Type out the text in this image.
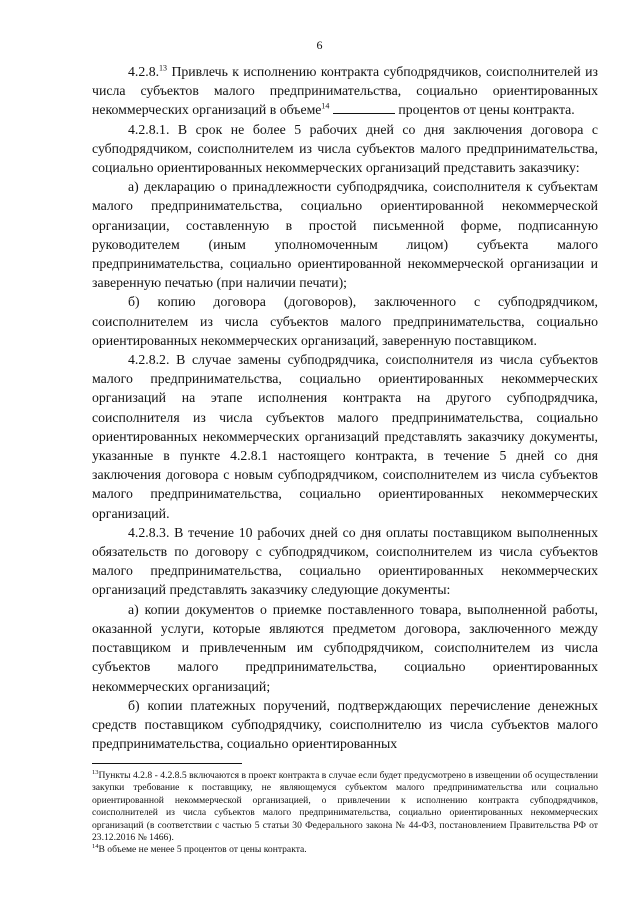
6

4.2.8.13 Привлечь к исполнению контракта субподрядчиков, соисполнителей из числа субъектов малого предпринимательства, социально ориентированных некоммерческих организаций в объеме$^{14}$	процентов от цены контракта.

4.2.8.1. В срок не более 5 рабочих дней со дня заключения договора с субподрядчиком, соисполнителем из числа субъектов малого предпринимательства, социально ориентированных некоммерческих организаций представить заказчику:

а) декларацию о принадлежности субподрядчика, соисполнителя к субъектам малого предпринимательства, социально ориентированной некоммерческой организации, составленную в простой письменной форме, подписанную руководителем (иным уполномоченным лицом) субъекта малого предпринимательства, социально ориентированной некоммерческой организации и заверенную печатью (при наличии печати);

б) копию договора (договоров), заключенного с субподрядчиком, соисполнителем из числа субъектов малого предпринимательства, социально ориентированных некоммерческих организаций, заверенную поставщиком.

4.2.8.2. В случае замены субподрядчика, соисполнителя из числа субъектов малого предпринимательства, социально ориентированных некоммерческих организаций на этапе исполнения контракта на другого субподрядчика, соисполнителя из числа субъектов малого предпринимательства, социально ориентированных некоммерческих организаций представлять заказчику документы, указанные в пункте 4.2.8.1 настоящего контракта, в течение 5 дней со дня заключения договора с новым субподрядчиком, соисполнителем из числа субъектов малого предпринимательства, социально ориентированных некоммерческих организаций.

4.2.8.3. В течение 10 рабочих дней со дня оплаты поставщиком выполненных обязательств по договору с субподрядчиком, соисполнителем из числа субъектов малого предпринимательства, социально ориентированных некоммерческих организаций представлять заказчику следующие документы:

а) копии документов о приемке поставленного товара, выполненной работы, оказанной услуги, которые являются предметом договора, заключенного между поставщиком и привлеченным им субподрядчиком, соисполнителем из числа субъектов малого предпринимательства, социально ориентированных некоммерческих организаций;

б) копии платежных поручений, подтверждающих перечисление денежных средств поставщиком субподрядчику, соисполнителю из числа субъектов малого предпринимательства, социально ориентированных

$^{13}$Пункты 4.2.8 - 4.2.8.5 включаются в проект контракта в случае если будет предусмотрено в извещении об осуществлении закупки требование к поставщику, не являющемуся субъектом малого предпринимательства или социально ориентированной некоммерческой организацией, о привлечении к исполнению контракта субподрядчиков, соисполнителей из числа субъектов малого предпринимательства, социально ориентированных некоммерческих организаций (в соответствии с частью 5 статьи 30 Федерального закона № 44-ФЗ, постановлением Правительства РФ от 23.12.2016 № 1466).

$^{14}$В объеме не менее 5 процентов от цены контракта.
